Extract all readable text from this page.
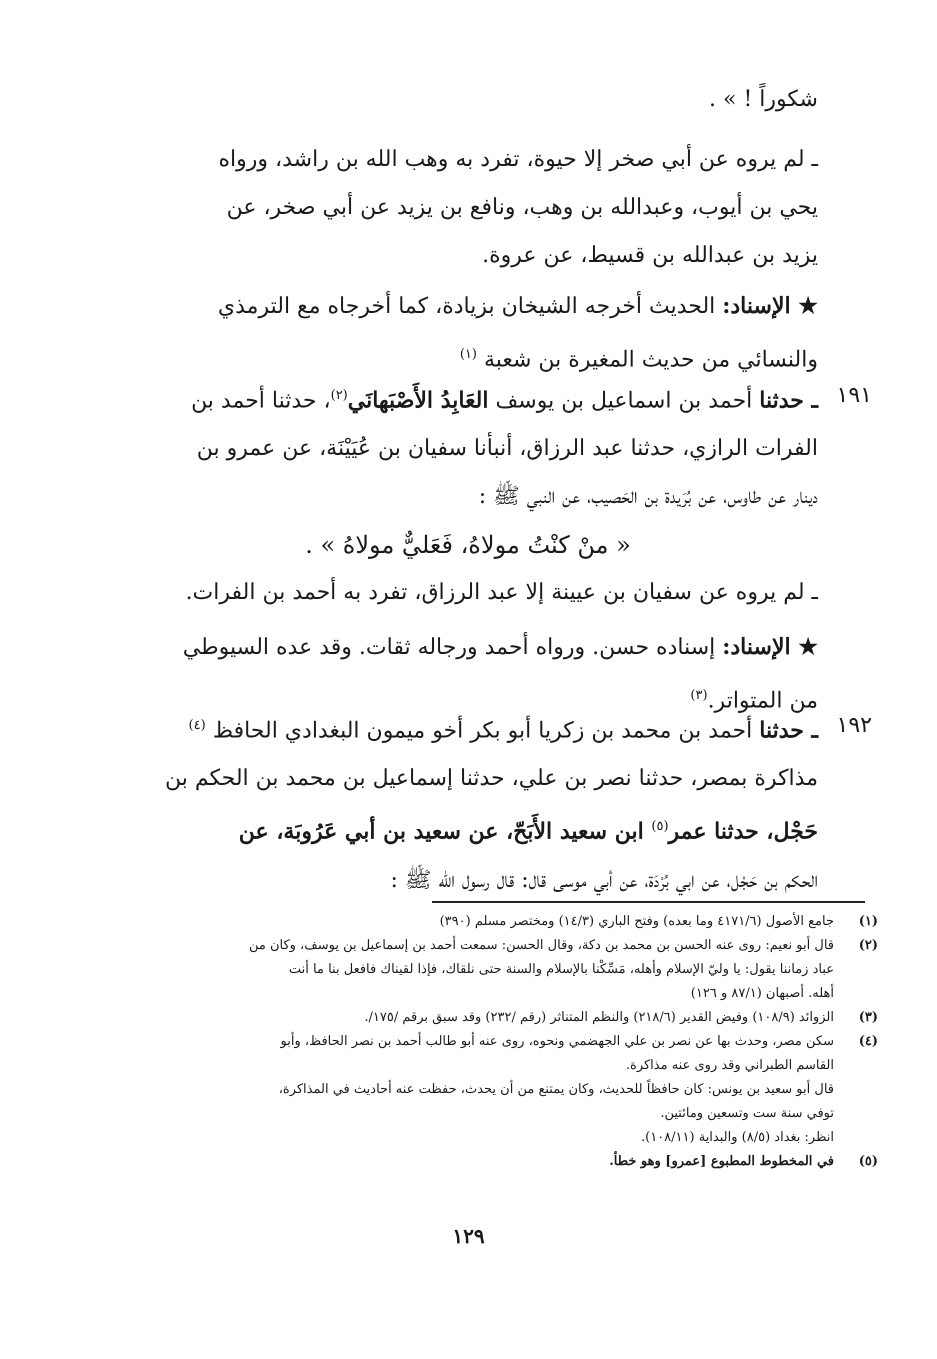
شكوراً ! » .
ـ لم يروه عن أبي صخر إلا حيوة، تفرد به وهب الله بن راشد، ورواه
يحي بن أيوب، وعبدالله بن وهب، ونافع بن يزيد عن أبي صخر، عن
يزيد بن عبدالله بن قسيط، عن عروة.
★ الإسناد: الحديث أخرجه الشيخان بزيادة، كما أخرجاه مع الترمذي
والنسائي من حديث المغيرة بن شعبة $^{(١)}$
١٩١
ـ حدثنا أحمد بن اسماعيل بن يوسف العَابِدُ الأَصْبَهانَي$^{(٢)}$، حدثنا أحمد بن
الفرات الرازي، حدثنا عبد الرزاق، أنبأنا سفيان بن عُيَيْنَة، عن عمرو بن
دينار عن طاوس، عن بُرَيدة بن الحَصيب، عن النبي ﷺ :
« منْ كنْتُ مولاهُ، فَعَليٌّ مولاهُ » .
ـ لم يروه عن سفيان بن عيينة إلا عبد الرزاق، تفرد به أحمد بن الفرات.
★ الإسناد: إسناده حسن. ورواه أحمد ورجاله ثقات. وقد عده السيوطي
من المتواتر.$^{(٣)}$
١٩٢
ـ حدثنا أحمد بن محمد بن زكريا أبو بكر أخو ميمون البغدادي الحافظ $^{(٤)}$
مذاكرة بمصر، حدثنا نصر بن علي، حدثنا إسماعيل بن محمد بن الحكم بن
حَجْل، حدثنا عمر$^{(٥)}$ ابن سعيد الأَبَحّ، عن سعيد بن أبي عَرُوبَة، عن
الحكم بن حَجْل، عن ابي بُرْدَة، عن أبي موسى قال: قال رسول الله ﷺ :
(١)
جامع الأصول (٤١٧١/٦ وما بعده) وفتح الباري (١٤/٣) ومختصر مسلم (٣٩٠)
(٢)
قال أبو نعيم: روى عنه الحسن بن محمد بن دكة، وقال الحسن: سمعت أحمد بن إسماعيل بن يوسف، وكان من
عباد زماننا يقول: يا وليّ الإسلام وأهله، مَسِّكْنا بالإسلام والسنة حتى نلقاك، فإذا لقيناك فافعل بنا ما أنت
أهله. أصبهان (٨٧/١ و ١٢٦)
(٣)
الزوائد (١٠٨/٩) وفيض القدير (٢١٨/٦) والنظم المتناثر (رقم /٢٣٢) وقد سبق برقم /١٧٥/.
(٤)
سكن مصر، وحدث بها عن نصر بن علي الجهضمي ونحوه، روى عنه أبو طالب أحمد بن نصر الحافظ، وأبو
القاسم الطبراني وقد روى عنه مذاكرة.
قال أبو سعيد بن يونس: كان حافظاً للحديث، وكان يمتنع من أن يحدث، حفظت عنه أحاديث في المذاكرة،
توفي سنة ست وتسعين ومائتين.
انظر: بغداد (٨/٥) والبداية (١٠٨/١١).
(٥)
في المخطوط المطبوع [عمرو] وهو خطأ.
١٢٩
